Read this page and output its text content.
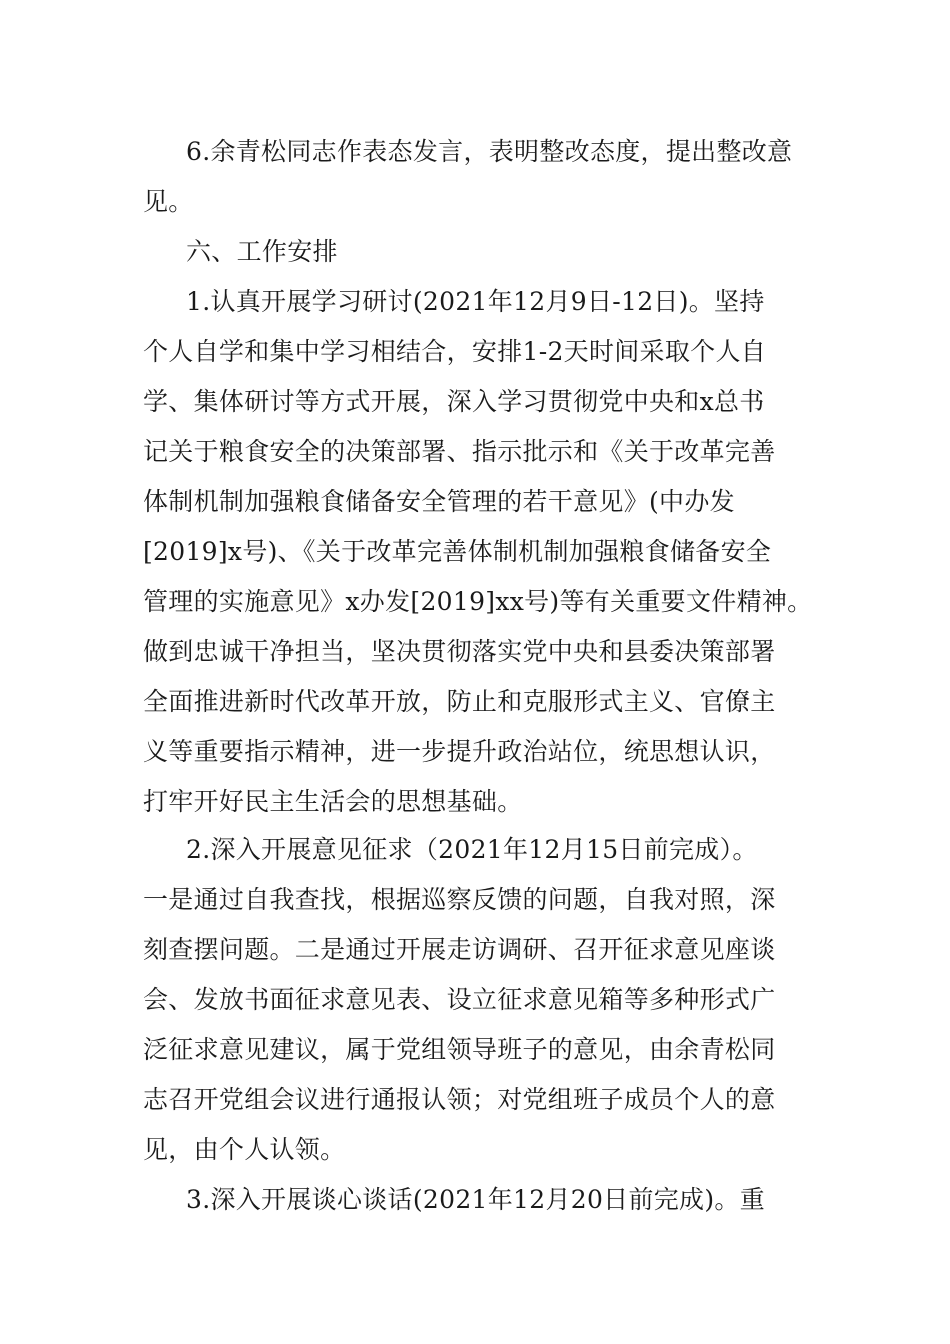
6.余青松同志作表态发言，表明整改态度，提出整改意
见。
六、工作安排
1.认真开展学习研讨(2021年12月9日-12日)。坚持
个人自学和集中学习相结合，安排1-2天时间采取个人自
学、集体研讨等方式开展，深入学习贯彻党中央和x总书
记关于粮食安全的决策部署、指示批示和《关于改革完善
体制机制加强粮食储备安全管理的若干意见》(中办发
[2019]x号)、《关于改革完善体制机制加强粮食储备安全
管理的实施意见》x办发[2019]xx号)等有关重要文件精神。
做到忠诚干净担当，坚决贯彻落实党中央和县委决策部署
全面推进新时代改革开放，防止和克服形式主义、官僚主
义等重要指示精神，进一步提升政治站位，统思想认识，
打牢开好民主生活会的思想基础。
2.深入开展意见征求（2021年12月15日前完成）。
一是通过自我查找，根据巡察反馈的问题，自我对照，深
刻查摆问题。二是通过开展走访调研、召开征求意见座谈
会、发放书面征求意见表、设立征求意见箱等多种形式广
泛征求意见建议，属于党组领导班子的意见，由余青松同
志召开党组会议进行通报认领；对党组班子成员个人的意
见，由个人认领。
3.深入开展谈心谈话(2021年12月20日前完成)。重
